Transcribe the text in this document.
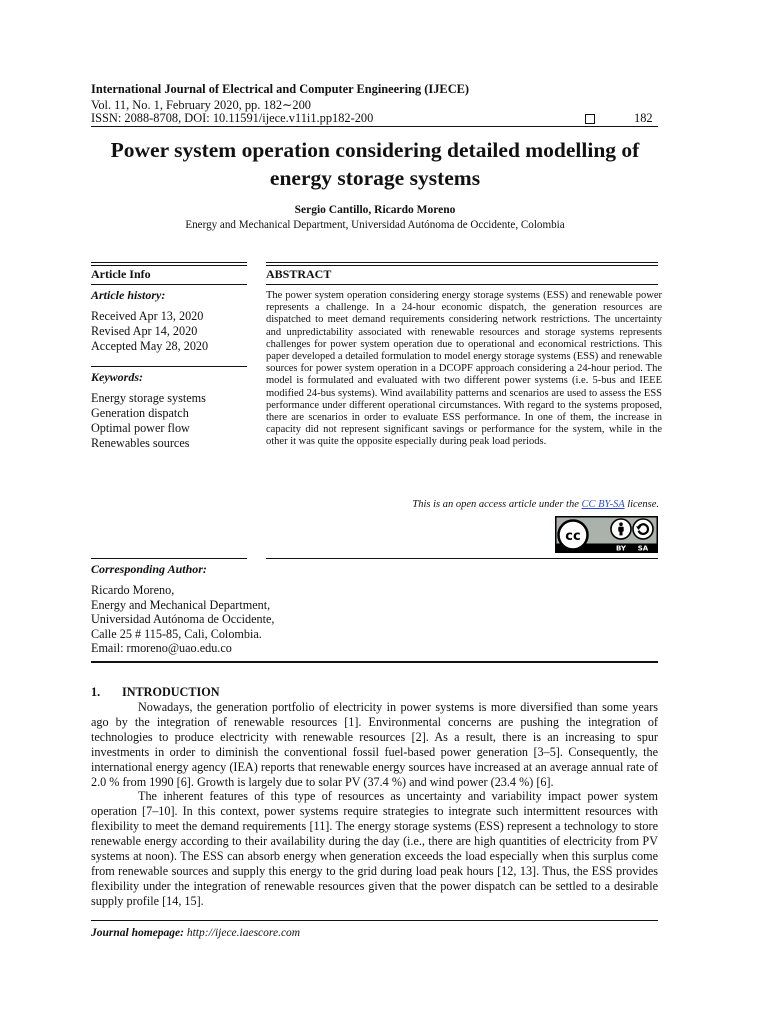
International Journal of Electrical and Computer Engineering (IJECE)
Vol. 11, No. 1, February 2020, pp. 182∼200
ISSN: 2088-8708, DOI: 10.11591/ijece.v11i1.pp182-200	182
Power system operation considering detailed modelling of
energy storage systems
Sergio Cantillo, Ricardo Moreno
Energy and Mechanical Department, Universidad Autónoma de Occidente, Colombia
Article Info
Article history:
Received Apr 13, 2020
Revised Apr 14, 2020
Accepted May 28, 2020
Keywords:
Energy storage systems
Generation dispatch
Optimal power flow
Renewables sources
ABSTRACT
The power system operation considering energy storage systems (ESS) and renewable power represents a challenge. In a 24-hour economic dispatch, the generation resources are dispatched to meet demand requirements considering network restrictions. The uncertainty and unpredictability associated with renewable resources and storage systems represents challenges for power system operation due to operational and economical restrictions. This paper developed a detailed formulation to model energy storage systems (ESS) and renewable sources for power system operation in a DCOPF approach considering a 24-hour period. The model is formulated and evaluated with two different power systems (i.e. 5-bus and IEEE modified 24-bus systems). Wind availability patterns and scenarios are used to assess the ESS performance under different operational circumstances. With regard to the systems proposed, there are scenarios in order to evaluate ESS performance. In one of them, the increase in capacity did not represent significant savings or performance for the system, while in the other it was quite the opposite especially during peak load periods.
This is an open access article under the CC BY-SA license.
cc
BY SA
Corresponding Author:
Ricardo Moreno,
Energy and Mechanical Department,
Universidad Autónoma de Occidente,
Calle 25 # 115-85, Cali, Colombia.
Email: rmoreno@uao.edu.co
1. INTRODUCTION

Nowadays, the generation portfolio of electricity in power systems is more diversified than some years ago by the integration of renewable resources [1]. Environmental concerns are pushing the integration of technologies to produce electricity with renewable resources [2]. As a result, there is an increasing to spur investments in order to diminish the conventional fossil fuel-based power generation [3–5]. Consequently, the international energy agency (IEA) reports that renewable energy sources have increased at an average annual rate of 2.0 % from 1990 [6]. Growth is largely due to solar PV (37.4 %) and wind power (23.4 %) [6].

The inherent features of this type of resources as uncertainty and variability impact power system operation [7–10]. In this context, power systems require strategies to integrate such intermittent resources with flexibility to meet the demand requirements [11]. The energy storage systems (ESS) represent a technology to store renewable energy according to their availability during the day (i.e., there are high quantities of electricity from PV systems at noon). The ESS can absorb energy when generation exceeds the load especially when this surplus come from renewable sources and supply this energy to the grid during load peak hours [12, 13]. Thus, the ESS provides flexibility under the integration of renewable resources given that the power dispatch can be settled to a desirable supply profile [14, 15].

Journal homepage: http://ijece.iaescore.com
